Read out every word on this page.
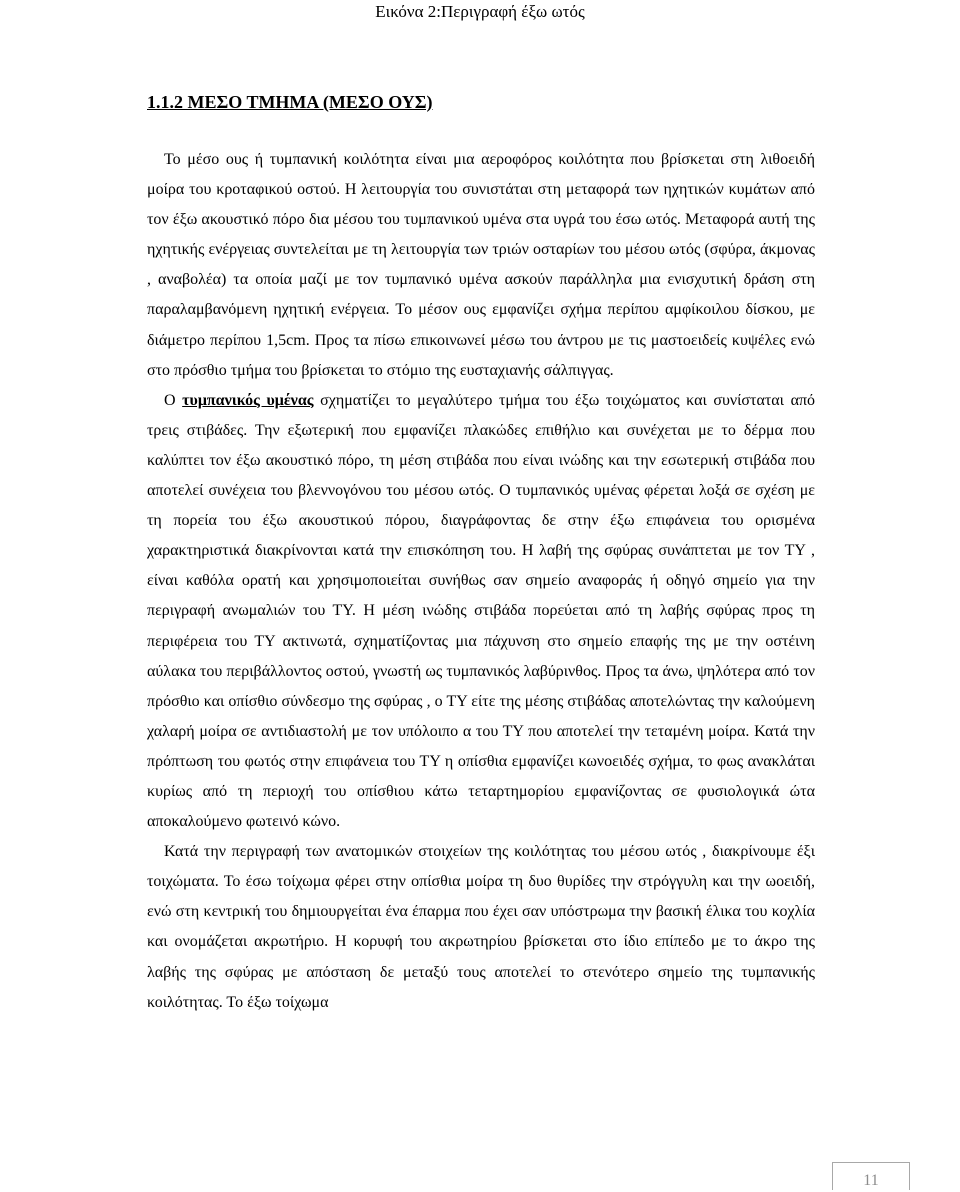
Εικόνα 2:Περιγραφή έξω ωτός
1.1.2 ΜΕΣΟ ΤΜΗΜΑ (ΜΕΣΟ ΟΥΣ)

Το μέσο ους ή τυμπανική κοιλότητα είναι μια αεροφόρος κοιλότητα που βρίσκεται στη λιθοειδή μοίρα του κροταφικού οστού. Η λειτουργία του συνιστάται στη μεταφορά των ηχητικών κυμάτων από τον έξω ακουστικό πόρο δια μέσου του τυμπανικού υμένα στα υγρά του έσω ωτός. Μεταφορά αυτή της ηχητικής ενέργειας συντελείται με τη λειτουργία των τριών οσταρίων του μέσου ωτός (σφύρα, άκμονας , αναβολέα) τα οποία μαζί με τον τυμπανικό υμένα ασκούν παράλληλα μια ενισχυτική δράση στη παραλαμβανόμενη ηχητική ενέργεια. Το μέσον ους εμφανίζει σχήμα περίπου αμφίκοιλου δίσκου, με διάμετρο περίπου 1,5cm. Προς τα πίσω επικοινωνεί μέσω του άντρου με τις μαστοειδείς κυψέλες ενώ στο πρόσθιο τμήμα του βρίσκεται το στόμιο της ευσταχιανής σάλπιγγας.

Ο τυμπανικός υμένας σχηματίζει το μεγαλύτερο τμήμα του έξω τοιχώματος και συνίσταται από τρεις στιβάδες. Την εξωτερική που εμφανίζει πλακώδες επιθήλιο και συνέχεται με το δέρμα που καλύπτει τον έξω ακουστικό πόρο, τη μέση στιβάδα που είναι ινώδης και την εσωτερική στιβάδα που αποτελεί συνέχεια του βλεννογόνου του μέσου ωτός. Ο τυμπανικός υμένας φέρεται λοξά σε σχέση με τη πορεία του έξω ακουστικού πόρου, διαγράφοντας δε στην έξω επιφάνεια του ορισμένα χαρακτηριστικά διακρίνονται κατά την επισκόπηση του. Η λαβή της σφύρας συνάπτεται με τον ΤΥ , είναι καθόλα ορατή και χρησιμοποιείται συνήθως σαν σημείο αναφοράς ή οδηγό σημείο για την περιγραφή ανωμαλιών του ΤΥ. Η μέση ινώδης στιβάδα πορεύεται από τη λαβής σφύρας προς τη περιφέρεια του ΤΥ ακτινωτά, σχηματίζοντας μια πάχυνση στο σημείο επαφής της με την οστέινη αύλακα του περιβάλλοντος οστού, γνωστή ως τυμπανικός λαβύρινθος. Προς τα άνω, ψηλότερα από τον πρόσθιο και οπίσθιο σύνδεσμο της σφύρας , ο ΤΥ είτε της μέσης στιβάδας αποτελώντας την καλούμενη χαλαρή μοίρα σε αντιδιαστολή με τον υπόλοιπο α του ΤΥ που αποτελεί την τεταμένη μοίρα. Κατά την πρόπτωση του φωτός στην επιφάνεια του ΤΥ η οπίσθια εμφανίζει κωνοειδές σχήμα, το φως ανακλάται κυρίως από τη περιοχή του οπίσθιου κάτω τεταρτημορίου εμφανίζοντας σε φυσιολογικά ώτα αποκαλούμενο φωτεινό κώνο.

Κατά την περιγραφή των ανατομικών στοιχείων της κοιλότητας του μέσου ωτός , διακρίνουμε έξι τοιχώματα. Το έσω τοίχωμα φέρει στην οπίσθια μοίρα τη δυο θυρίδες την στρόγγυλη και την ωοειδή, ενώ στη κεντρική του δημιουργείται ένα έπαρμα που έχει σαν υπόστρωμα την βασική έλικα του κοχλία και ονομάζεται ακρωτήριο. Η κορυφή του ακρωτηρίου βρίσκεται στο ίδιο επίπεδο με το άκρο της λαβής της σφύρας με απόσταση δε μεταξύ τους αποτελεί το στενότερο σημείο της τυμπανικής κοιλότητας. Το έξω τοίχωμα

11
